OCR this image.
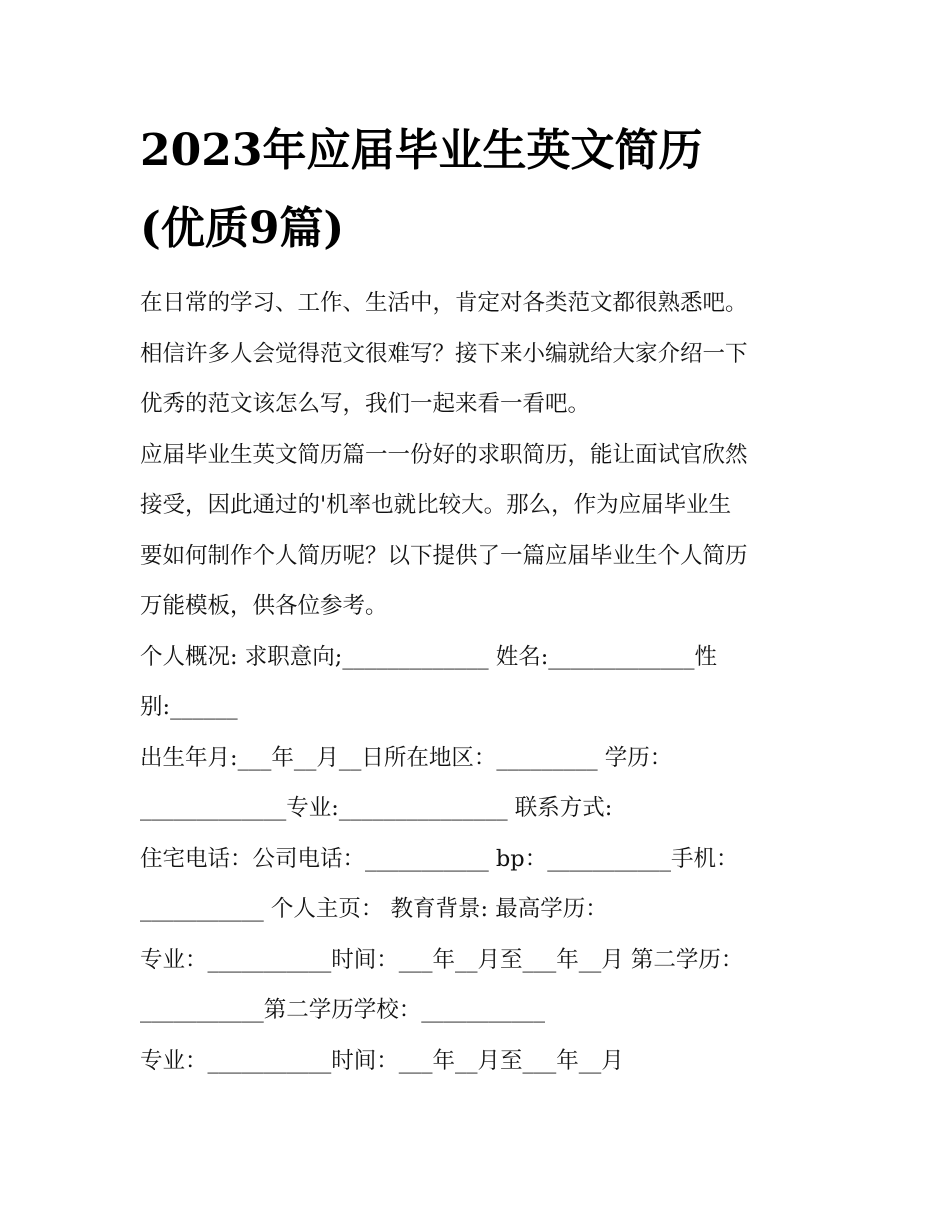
2023年应届毕业生英文简历
(优质9篇)
在日常的学习、工作、生活中，肯定对各类范文都很熟悉吧。
相信许多人会觉得范文很难写？接下来小编就给大家介绍一下
优秀的范文该怎么写，我们一起来看一看吧。
应届毕业生英文简历篇一一份好的求职简历，能让面试官欣然
接受，因此通过的'机率也就比较大。那么，作为应届毕业生
要如何制作个人简历呢？以下提供了一篇应届毕业生个人简历
万能模板，供各位参考。
个人概况: 求职意向;_____________ 姓名:_____________性
别:______
出生年月:___年__月__日所在地区：_________ 学历：
_____________专业:_______________ 联系方式:
住宅电话：公司电话：___________ bp：___________手机：
___________ 个人主页： 教育背景: 最高学历：
专业：___________时间：___年__月至___年__月 第二学历：
___________第二学历学校：___________
专业：___________时间：___年__月至___年__月
